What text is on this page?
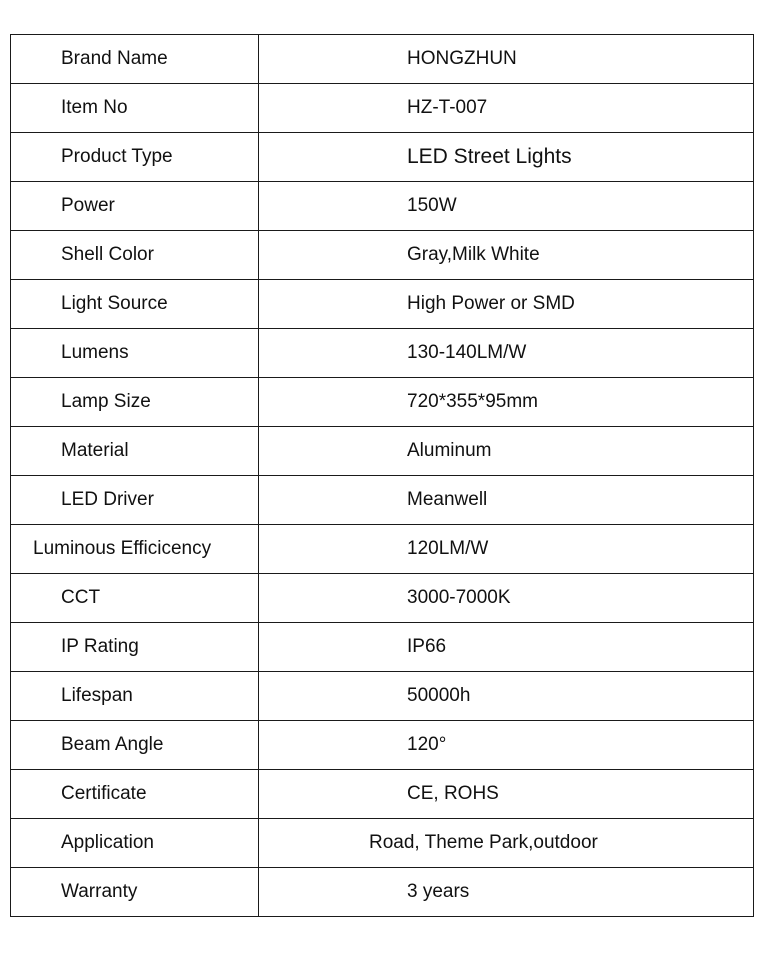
Brand Name	HONGZHUN
Item No	HZ-T-007
Product Type	LED Street Lights
Power	150W
Shell Color	Gray,Milk White
Light Source	High Power or SMD
Lumens	130-140LM/W
Lamp Size	720*355*95mm
Material	Aluminum
LED Driver	Meanwell
Luminous Efficicency	120LM/W
CCT	3000-7000K
IP Rating	IP66
Lifespan	50000h
Beam Angle	120°
Certificate	CE, ROHS
Application	Road, Theme Park,outdoor
Warranty	3 years
